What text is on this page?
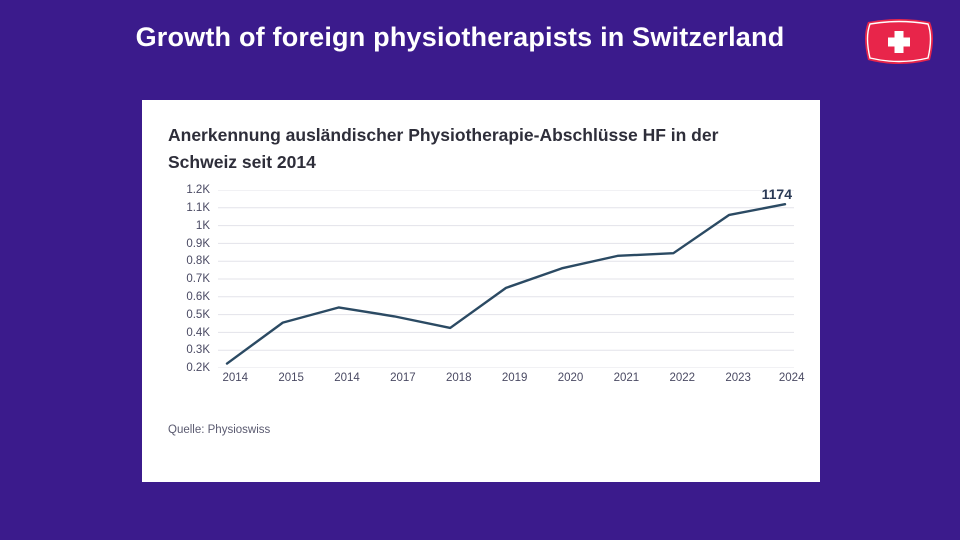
Growth of foreign physiotherapists in Switzerland
Anerkennung ausländischer Physiotherapie-Abschlüsse HF in der Schweiz seit 2014
1.2K
1.1K
1K
0.9K
0.8K
0.7K
0.6K
0.5K
0.4K
0.3K
0.2K
2014	2015	2014	2017	2018	2019	2020	2021	2022	2023 2024
1174
Quelle: Physioswiss
